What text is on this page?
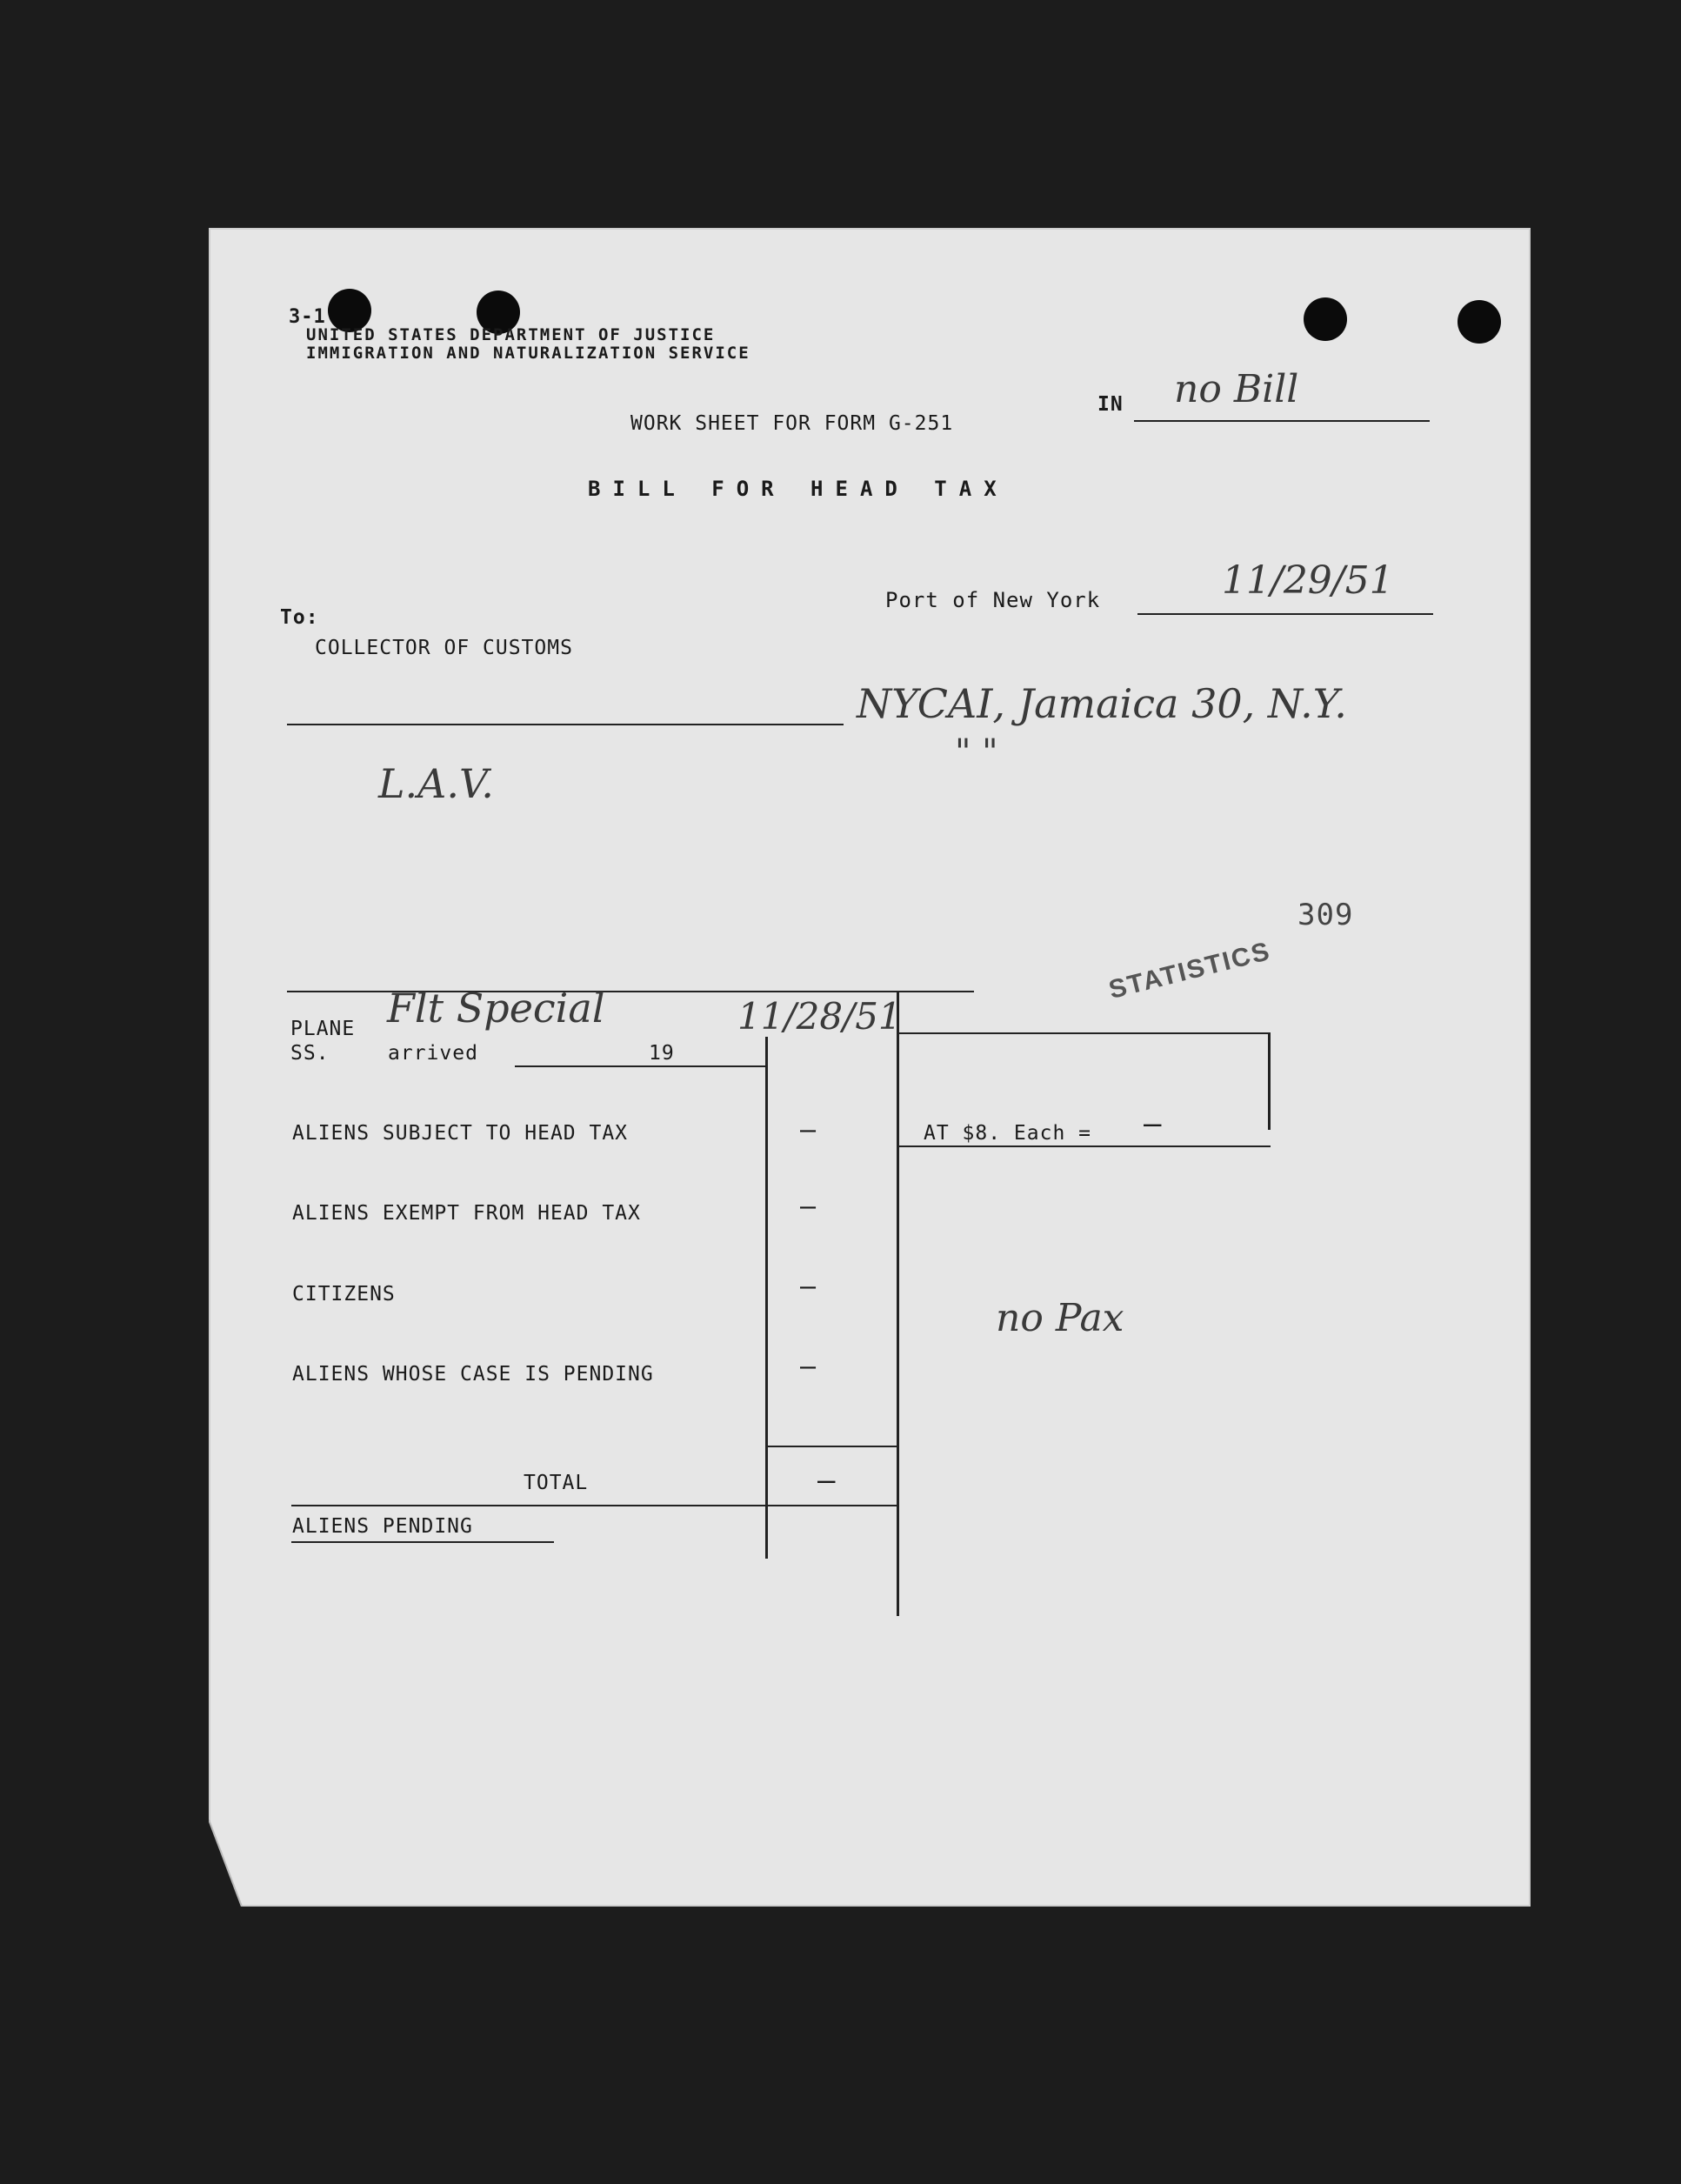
3-1
UNITED STATES DEPARTMENT OF JUSTICE
IMMIGRATION AND NATURALIZATION SERVICE
IN no Bill
WORK SHEET FOR FORM G-251
BILL FOR HEAD TAX
Port of New York	11/29/51
To:
COLLECTOR OF CUSTOMS
NYCAI, Jamaica 30, N.Y.
" "
L.A.V.
309
STATISTICS
PLANE
SS.
Flt Special
arrived	19
11/28/51
ALIENS SUBJECT TO HEAD TAX	—
ALIENS EXEMPT FROM HEAD TAX	—
CITIZENS	—
ALIENS WHOSE CASE IS PENDING	—
AT $8. Each = —
TOTAL	—
ALIENS PENDING
no Pax
